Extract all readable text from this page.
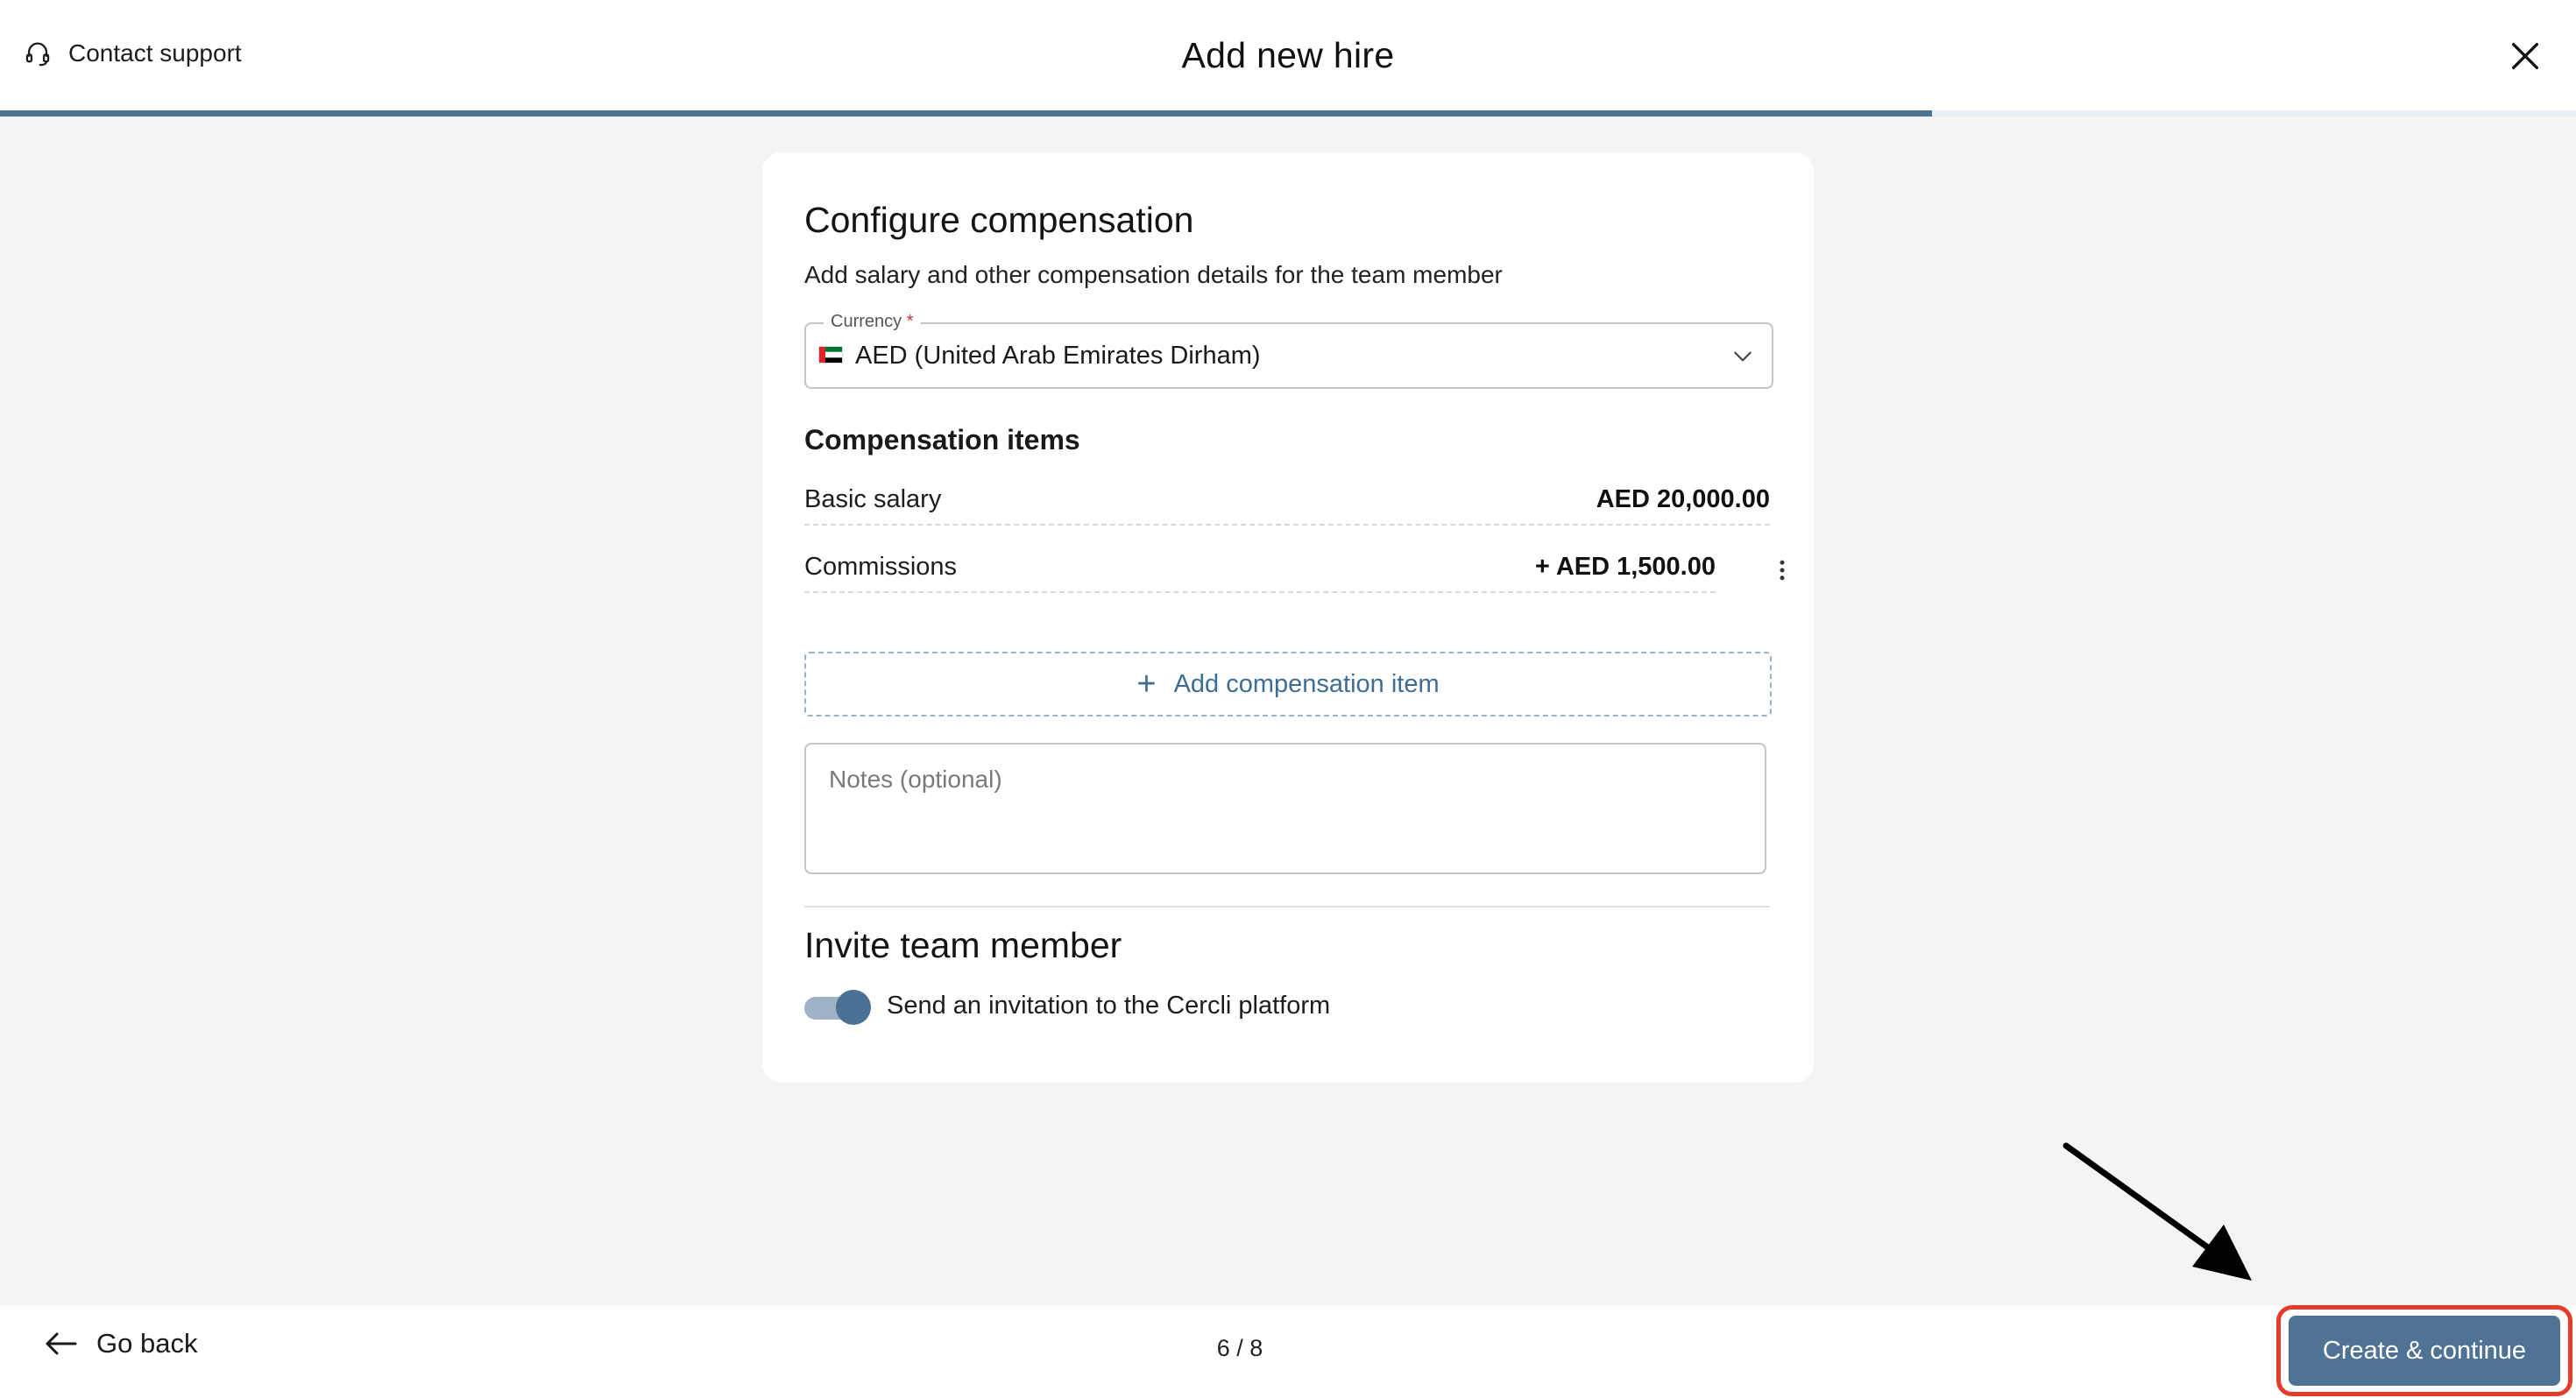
Contact support	Add new hire
Configure compensation
Add salary and other compensation details for the team member
Currency *
AED (United Arab Emirates Dirham)
Compensation items
Basic salary	AED 20,000.00
Commissions	+ AED 1,500.00
+ Add compensation item
Notes (optional)
Invite team member
Send an invitation to the Cercli platform
Go back	6 / 8	Create & continue
